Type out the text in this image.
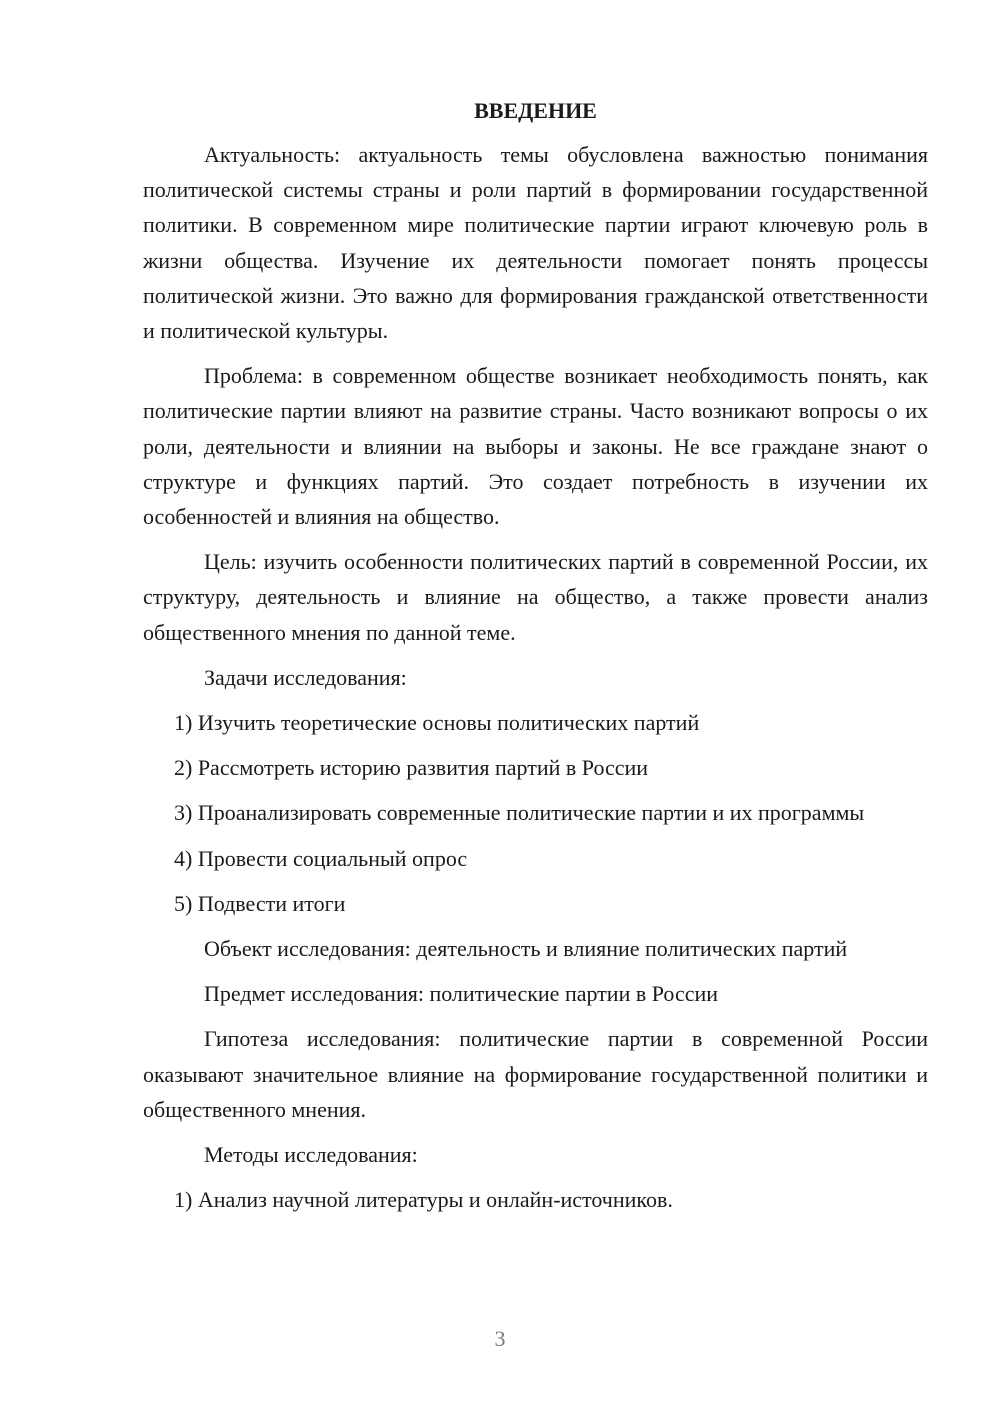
ВВЕДЕНИЕ
Актуальность: актуальность темы обусловлена важностью понимания политической системы страны и роли партий в формировании государственной политики. В современном мире политические партии играют ключевую роль в жизни общества. Изучение их деятельности помогает понять процессы политической жизни. Это важно для формирования гражданской ответственности и политической культуры.
Проблема: в современном обществе возникает необходимость понять, как политические партии влияют на развитие страны. Часто возникают вопросы о их роли, деятельности и влиянии на выборы и законы. Не все граждане знают о структуре и функциях партий. Это создает потребность в изучении их особенностей и влияния на общество.
Цель: изучить особенности политических партий в современной России, их структуру, деятельность и влияние на общество, а также провести анализ общественного мнения по данной теме.
Задачи исследования:
1) Изучить теоретические основы политических партий
2) Рассмотреть историю развития партий в России
3) Проанализировать современные политические партии и их программы
4) Провести социальный опрос
5) Подвести итоги
Объект исследования: деятельность и влияние политических партий
Предмет исследования: политические партии в России
Гипотеза исследования: политические партии в современной России оказывают значительное влияние на формирование государственной политики и общественного мнения.
Методы исследования:
1) Анализ научной литературы и онлайн-источников.
3
